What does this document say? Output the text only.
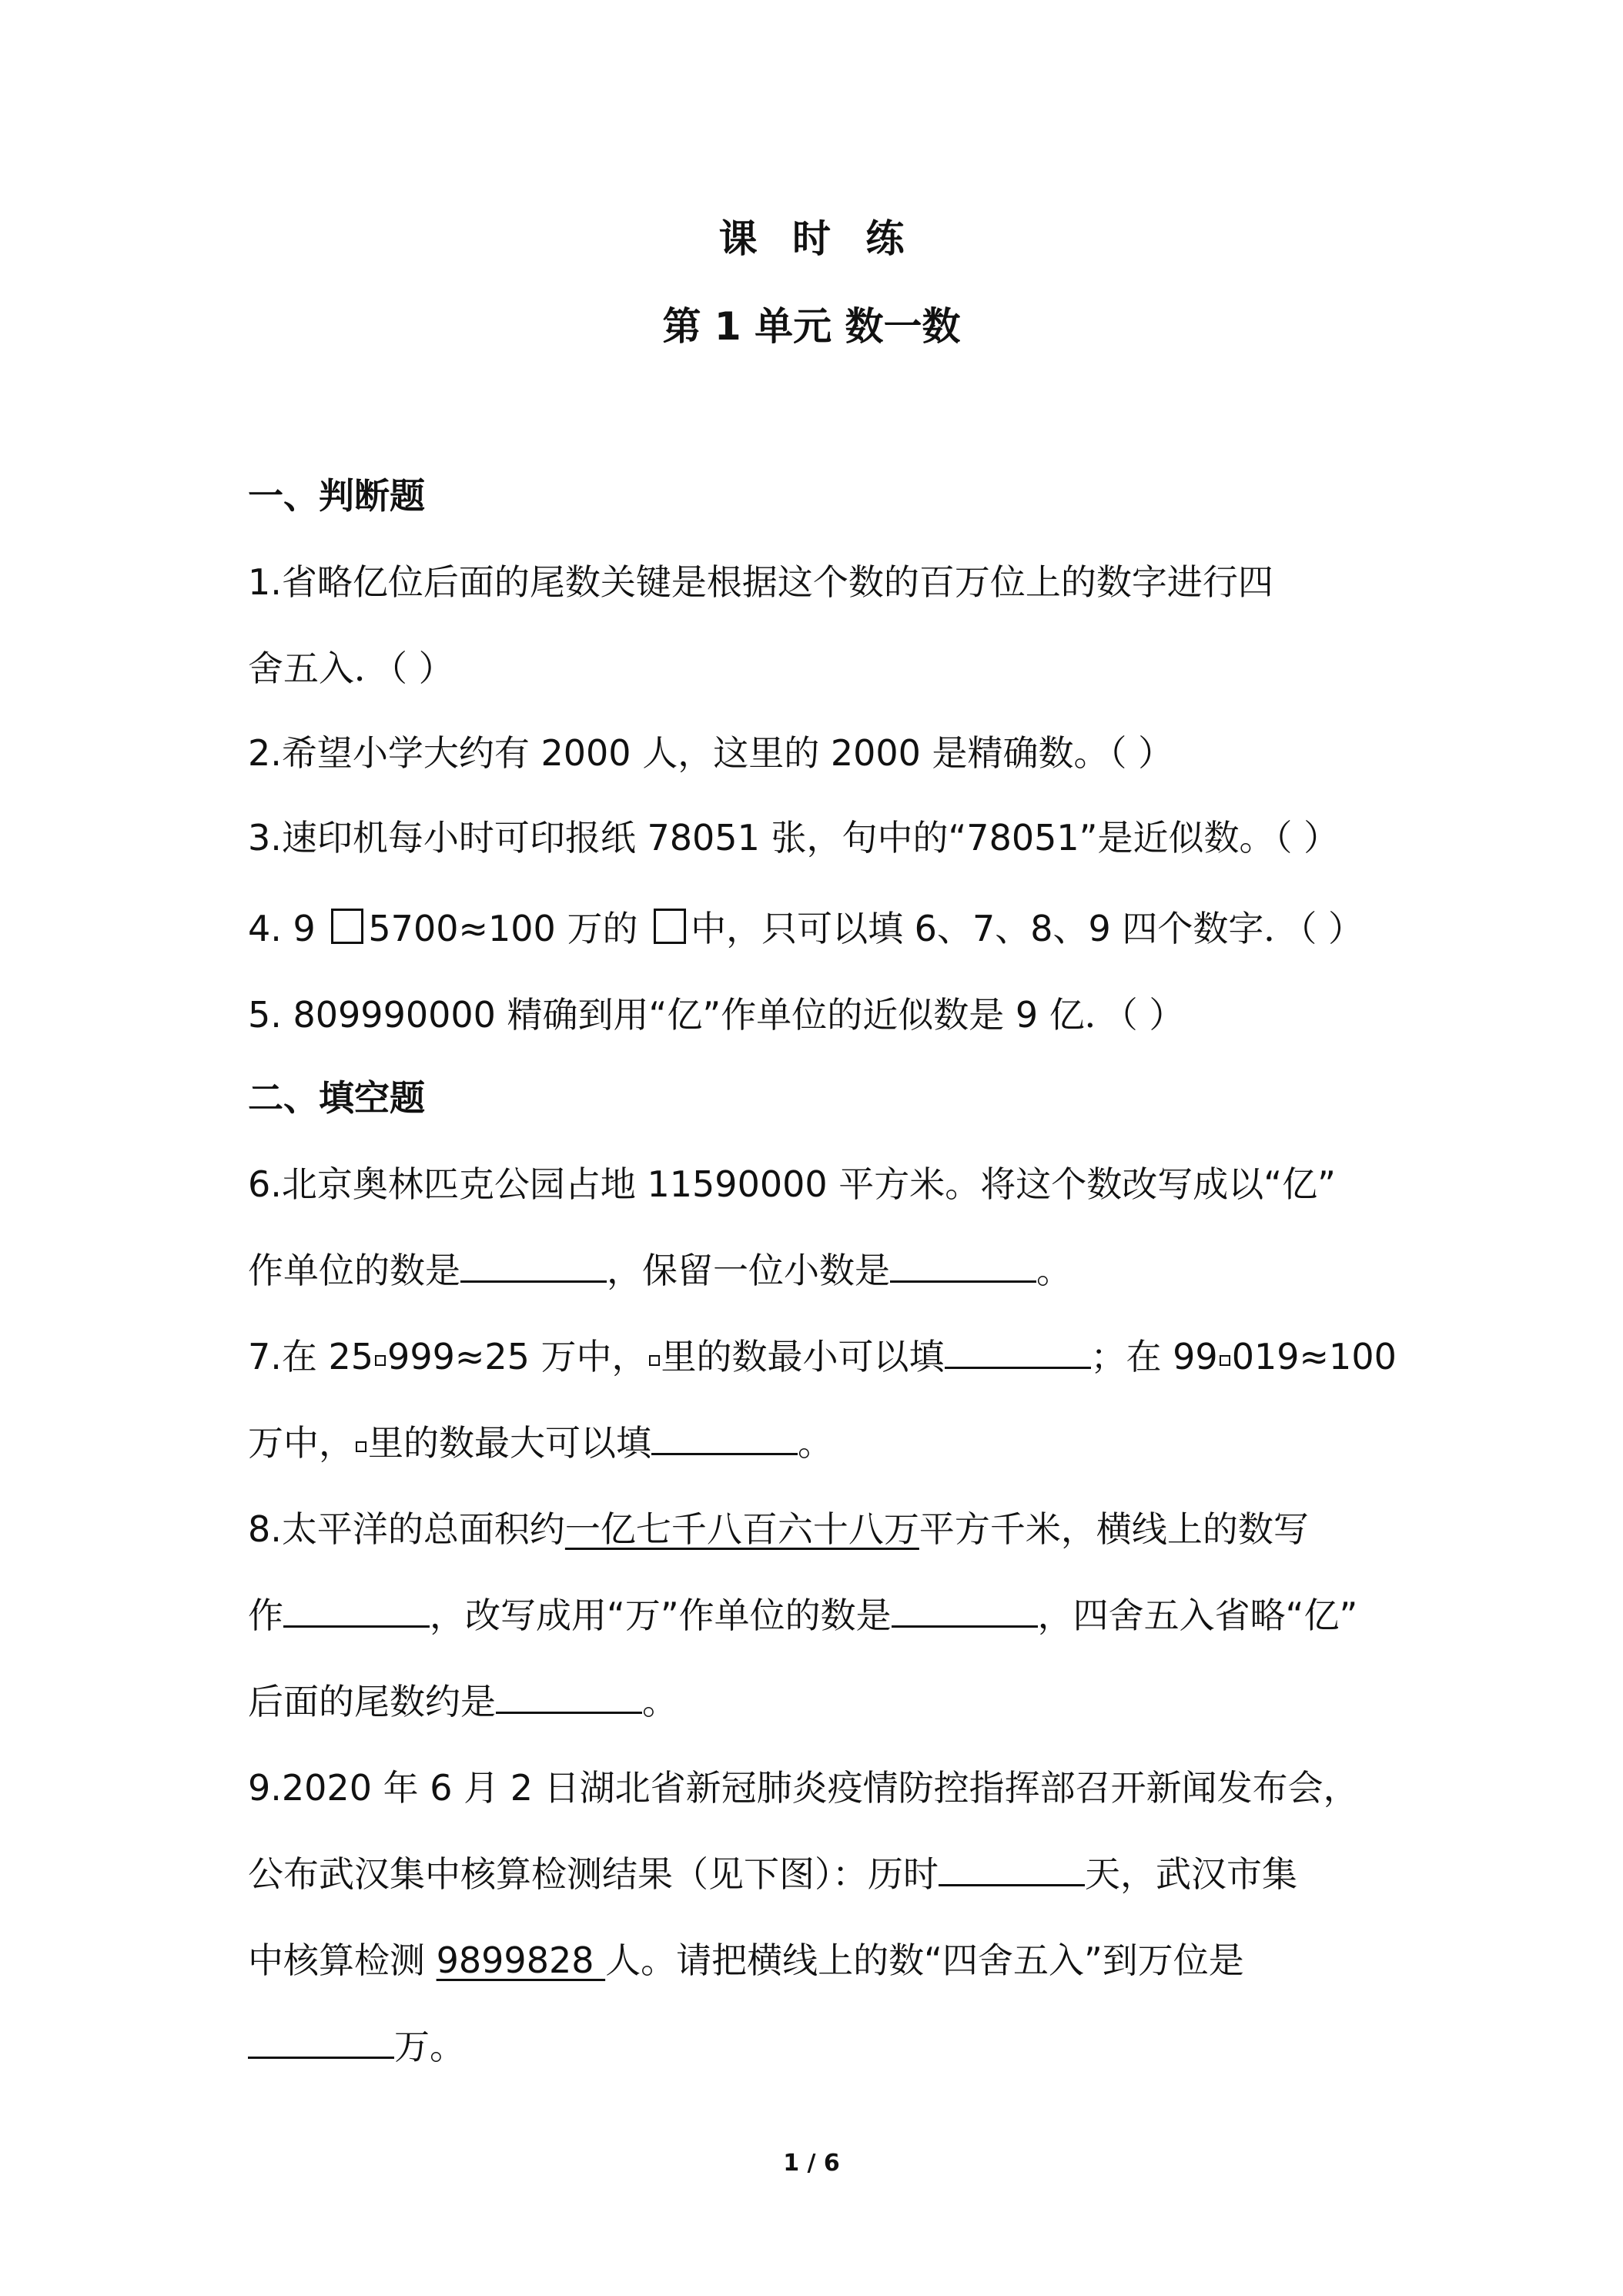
课 时 练
第 1 单元 数一数
一、判断题
1.省略亿位后面的尾数关键是根据这个数的百万位上的数字进行四
舍五入．（ ）
2.希望小学大约有 2000 人，这里的 2000 是精确数。（ ）
3.速印机每小时可印报纸 78051 张，句中的“78051”是近似数。（ ）
4. 9 5700≈100 万的 中，只可以填 6、7、8、9 四个数字．（ ）
5. 809990000 精确到用“亿”作单位的近似数是 9 亿．（ ）
二、填空题
6.北京奥林匹克公园占地 11590000 平方米。将这个数改写成以“亿”
作单位的数是	，保留一位小数是	。
7.在 25 999≈25 万中， 里的数最小可以填	；在 99 019≈100
万中， 里的数最大可以填	。
8.太平洋的总面积约一亿七千八百六十八万平方千米，横线上的数写
作	，改写成用“万”作单位的数是	，四舍五入省略“亿”
后面的尾数约是	。
9.2020 年 6 月 2 日湖北省新冠肺炎疫情防控指挥部召开新闻发布会，
公布武汉集中核算检测结果（见下图）：历时	天，武汉市集
中核算检测 9899828 人。请把横线上的数“四舍五入”到万位是
万。
1 / 6
